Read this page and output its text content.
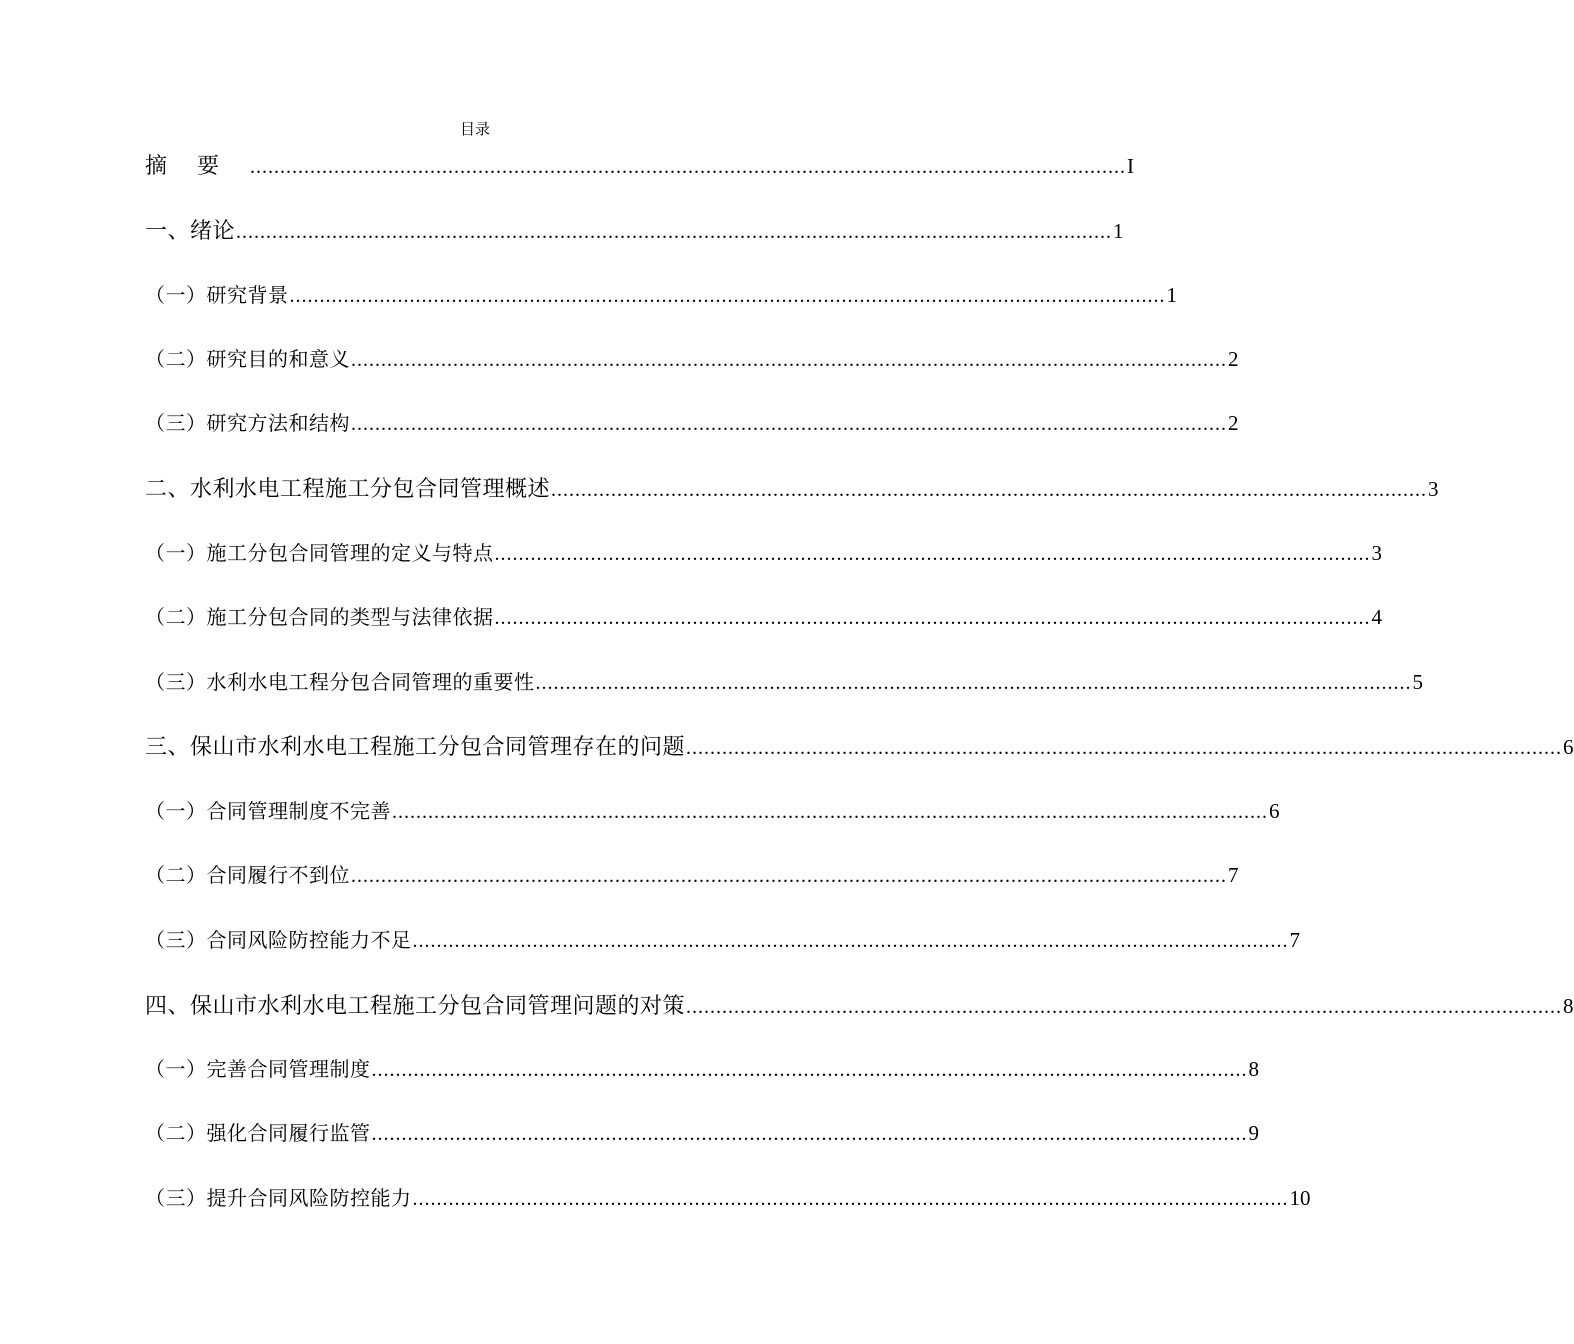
目录
摘要 .................................................................................................................................................. I
一、绪论 .................................................................................................................................................. 1
（一）研究背景 .................................................................................................................................................. 1
（二）研究目的和意义 .................................................................................................................................................. 2
（三）研究方法和结构 .................................................................................................................................................. 2
二、水利水电工程施工分包合同管理概述 .................................................................................................................................................. 3
（一）施工分包合同管理的定义与特点 .................................................................................................................................................. 3
（二）施工分包合同的类型与法律依据 .................................................................................................................................................. 4
（三）水利水电工程分包合同管理的重要性 .................................................................................................................................................. 5
三、保山市水利水电工程施工分包合同管理存在的问题 .................................................................................................................................................. 6
（一）合同管理制度不完善 .................................................................................................................................................. 6
（二）合同履行不到位 .................................................................................................................................................. 7
（三）合同风险防控能力不足 .................................................................................................................................................. 7
四、保山市水利水电工程施工分包合同管理问题的对策 .................................................................................................................................................. 8
（一）完善合同管理制度 .................................................................................................................................................. 8
（二）强化合同履行监管 .................................................................................................................................................. 9
（三）提升合同风险防控能力 .................................................................................................................................................. 10
